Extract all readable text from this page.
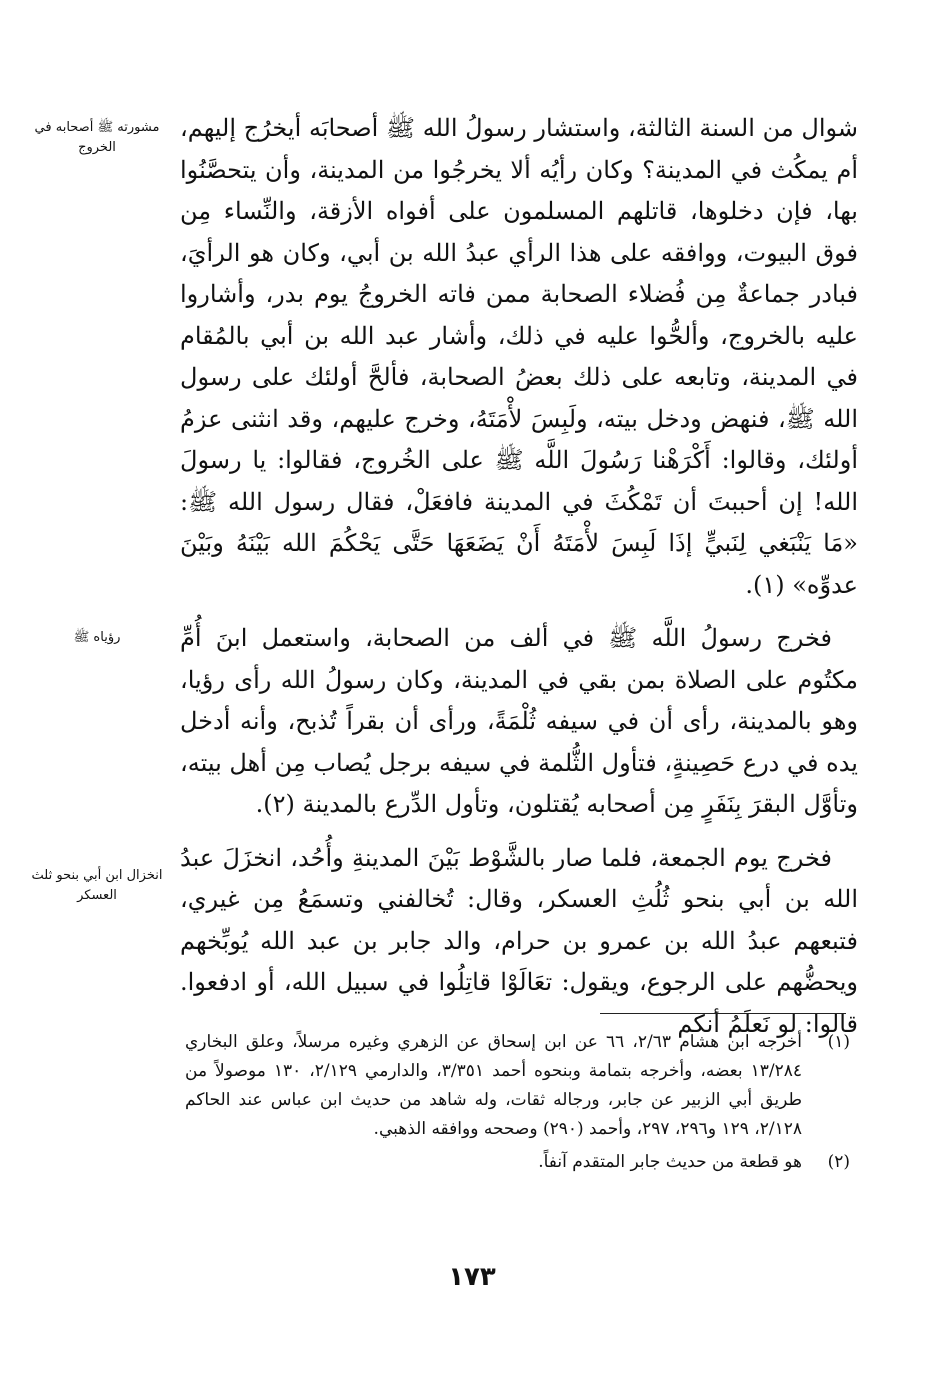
مشورته ﷺ أصحابه في الخروج
رؤياه ﷺ
انخزال ابن أبي بنحو ثلث العسكر

شوال من السنة الثالثة، واستشار رسولُ الله ﷺ أصحابَه أيخرُج إليهم، أم يمكُث في المدينة؟ وكان رأيُه ألا يخرجُوا من المدينة، وأن يتحصَّنُوا بها، فإن دخلوها، قاتلهم المسلمون على أفواه الأزقة، والنِّساء مِن فوق البيوت، ووافقه على هذا الرأي عبدُ الله بن أبي، وكان هو الرأيَ، فبادر جماعةٌ مِن فُضلاء الصحابة ممن فاته الخروجُ يوم بدر، وأشاروا عليه بالخروج، وألحُّوا عليه في ذلك، وأشار عبد الله بن أبي بالمُقام في المدينة، وتابعه على ذلك بعضُ الصحابة، فألحَّ أولئك على رسول الله ﷺ، فنهض ودخل بيته، ولَبِسَ لأْمَتَهُ، وخرج عليهم، وقد انثنى عزمُ أولئك، وقالوا: أَكْرَهْنا رَسُولَ اللَّه ﷺ على الخُروج، فقالوا: يا رسولَ الله! إن أحببتَ أن تَمْكُثَ في المدينة فافعَلْ، فقال رسول الله ﷺ: «مَا يَنْبَغي لِنَبيٍّ إذَا لَبِسَ لأْمَتَهُ أَنْ يَضَعَهَا حَتَّى يَحْكُمَ الله بَيْنَهُ وبَيْنَ عدوِّه» (١).

فخرج رسولُ اللَّه ﷺ في ألف من الصحابة، واستعمل ابنَ أُمِّ مكتُوم على الصلاة بمن بقي في المدينة، وكان رسولُ الله رأى رؤيا، وهو بالمدينة، رأى أن في سيفه ثُلْمَةً، ورأى أن بقراً تُذبح، وأنه أدخل يده في درع حَصِينةٍ، فتأول الثُّلمة في سيفه برجل يُصاب مِن أهل بيته، وتأوَّل البقرَ بِنَفَرٍ مِن أصحابه يُقتلون، وتأول الدِّرع بالمدينة (٢).

فخرج يوم الجمعة، فلما صار بالشَّوْط بَيْنَ المدينةِ وأُحُد، انخزَلَ عبدُ الله بن أبي بنحو ثُلُثِ العسكر، وقال: تُخالفني وتسمَعُ مِن غيري، فتبعهم عبدُ الله بن عمرو بن حرام، والد جابر بن عبد الله يُوبِّخهم ويحضُّهم على الرجوع، ويقول: تعَالَوْا قاتِلُوا في سبيل الله، أو ادفعوا. قالوا: لو نَعلَمُ أنكم

(١)
أخرجه ابن هشام ٢/٦٣، ٦٦ عن ابن إسحاق عن الزهري وغيره مرسلاً، وعلق البخاري ١٣/٢٨٤ بعضه، وأخرجه بتمامة وبنحوه أحمد ٣/٣٥١، والدارمي ٢/١٢٩، ١٣٠ موصولاً من طريق أبي الزبير عن جابر، ورجاله ثقات، وله شاهد من حديث ابن عباس عند الحاكم ٢/١٢٨، ١٢٩ و٢٩٦، ٢٩٧، وأحمد (٢٩٠) وصححه ووافقه الذهبي.
(٢)
هو قطعة من حديث جابر المتقدم آنفاً.
١٧٣
